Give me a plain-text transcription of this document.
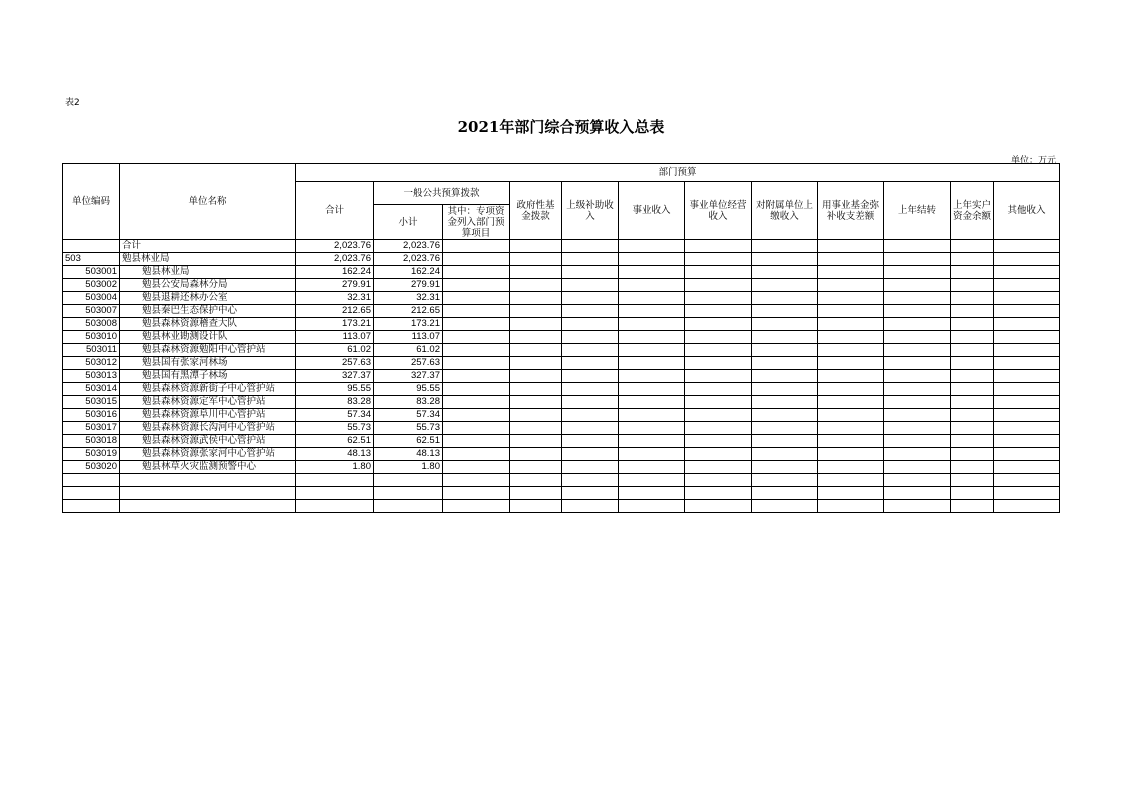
表2
2021年部门综合预算收入总表
单位：万元
单位编码	单位名称	部门预算											
		合计	一般公共预算拨款		政府性基金拨款	上级补助收入	事业收入	事业单位经营收入	对附属单位上缴收入	用事业基金弥补收支差额	上年结转	上年实户资金余额	其他收入
			小计	其中：专项资金列入部门预算项目									
	合计	2,023.76	2,023.76										
503	勉县林业局	2,023.76	2,023.76										
503001	勉县林业局	162.24	162.24										
503002	勉县公安局森林分局	279.91	279.91										
503004	勉县退耕还林办公室	32.31	32.31										
503007	勉县秦巴生态保护中心	212.65	212.65										
503008	勉县森林资源稽查大队	173.21	173.21										
503010	勉县林业勘测设计队	113.07	113.07										
503011	勉县森林资源勉阳中心管护站	61.02	61.02										
503012	勉县国有张家河林场	257.63	257.63										
503013	勉县国有黑潭子林场	327.37	327.37										
503014	勉县森林资源新街子中心管护站	95.55	95.55										
503015	勉县森林资源定军中心管护站	83.28	83.28										
503016	勉县森林资源阜川中心管护站	57.34	57.34										
503017	勉县森林资源长沟河中心管护站	55.73	55.73										
503018	勉县森林资源武侯中心管护站	62.51	62.51										
503019	勉县森林资源张家河中心管护站	48.13	48.13										
503020	勉县林草火灾监测预警中心	1.80	1.80										
